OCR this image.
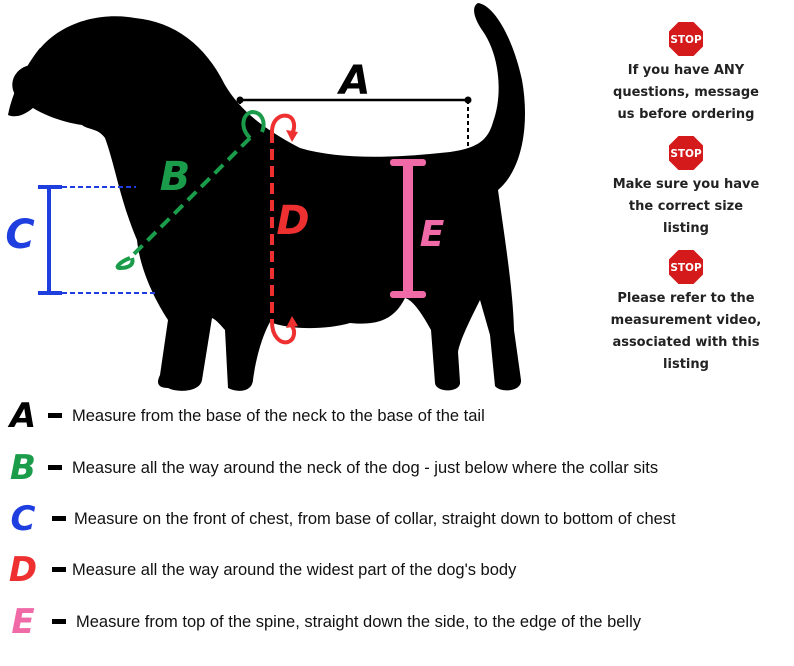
A
B
C	D	E
STOP
If you have ANY
questions, message
us before ordering
STOP
Make sure you have
the correct size
listing
STOP
Please refer to the
measurement video,
associated with this
listing
A Measure from the base of the neck to the base of the tail
B Measure all the way around the neck of the dog - just below where the collar sits
C Measure on the front of chest, from base of collar, straight down to bottom of chest
D Measure all the way around the widest part of the dog's body
E	Measure from top of the spine, straight down the side, to the edge of the belly
